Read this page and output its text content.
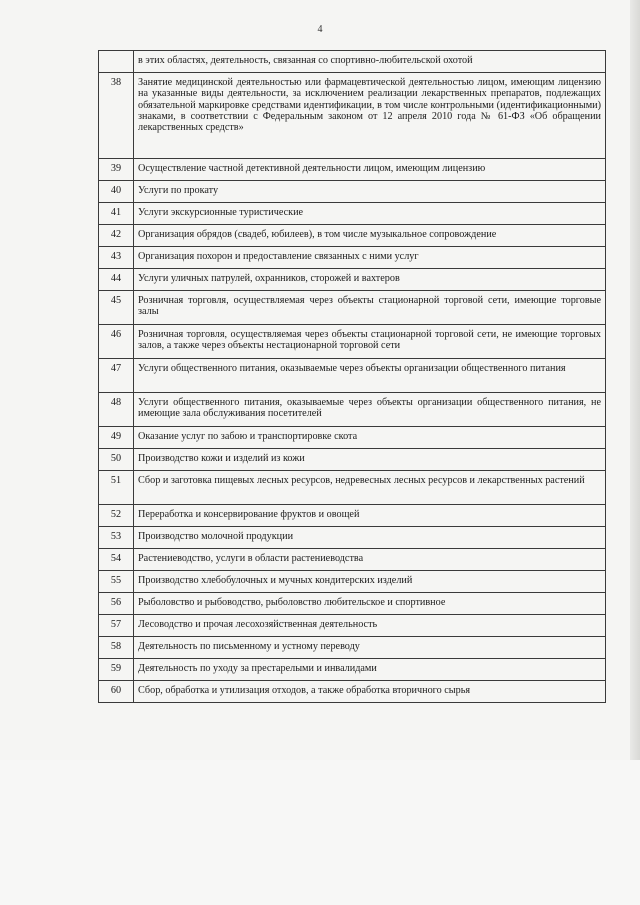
4

	в этих областях, деятельность, связанная со спортивно-любительской охотой

38	Занятие медицинской деятельностью или фармацевтической деятельностью лицом, имеющим лицензию на указанные виды деятельности, за исключением реализации лекарственных препаратов, подлежащих обязательной маркировке средствами идентификации, в том числе контрольными (идентификационными) знаками, в соответствии с Федеральным законом от 12 апреля 2010 года № 61-ФЗ «Об обращении лекарственных средств»

39	Осуществление частной детективной деятельности лицом, имеющим лицензию

40	Услуги по прокату

41	Услуги экскурсионные туристические

42	Организация обрядов (свадеб, юбилеев), в том числе музыкальное сопровождение

43	Организация похорон и предоставление связанных с ними услуг

44	Услуги уличных патрулей, охранников, сторожей и вахтеров

45	Розничная торговля, осуществляемая через объекты стационарной торговой сети, имеющие торговые залы

46	Розничная торговля, осуществляемая через объекты стационарной торговой сети, не имеющие торговых залов, а также через объекты нестационарной торговой сети

47	Услуги общественного питания, оказываемые через объекты организации общественного питания

48	Услуги общественного питания, оказываемые через объекты организации общественного питания, не имеющие зала обслуживания посетителей

49	Оказание услуг по забою и транспортировке скота

50	Производство кожи и изделий из кожи

51	Сбор и заготовка пищевых лесных ресурсов, недревесных лесных ресурсов и лекарственных растений

52	Переработка и консервирование фруктов и овощей

53	Производство молочной продукции

54	Растениеводство, услуги в области растениеводства

55	Производство хлебобулочных и мучных кондитерских изделий

56	Рыболовство и рыбоводство, рыболовство любительское и спортивное

57	Лесоводство и прочая лесохозяйственная деятельность

58	Деятельность по письменному и устному переводу

59	Деятельность по уходу за престарелыми и инвалидами

60	Сбор, обработка и утилизация отходов, а также обработка вторичного сырья
